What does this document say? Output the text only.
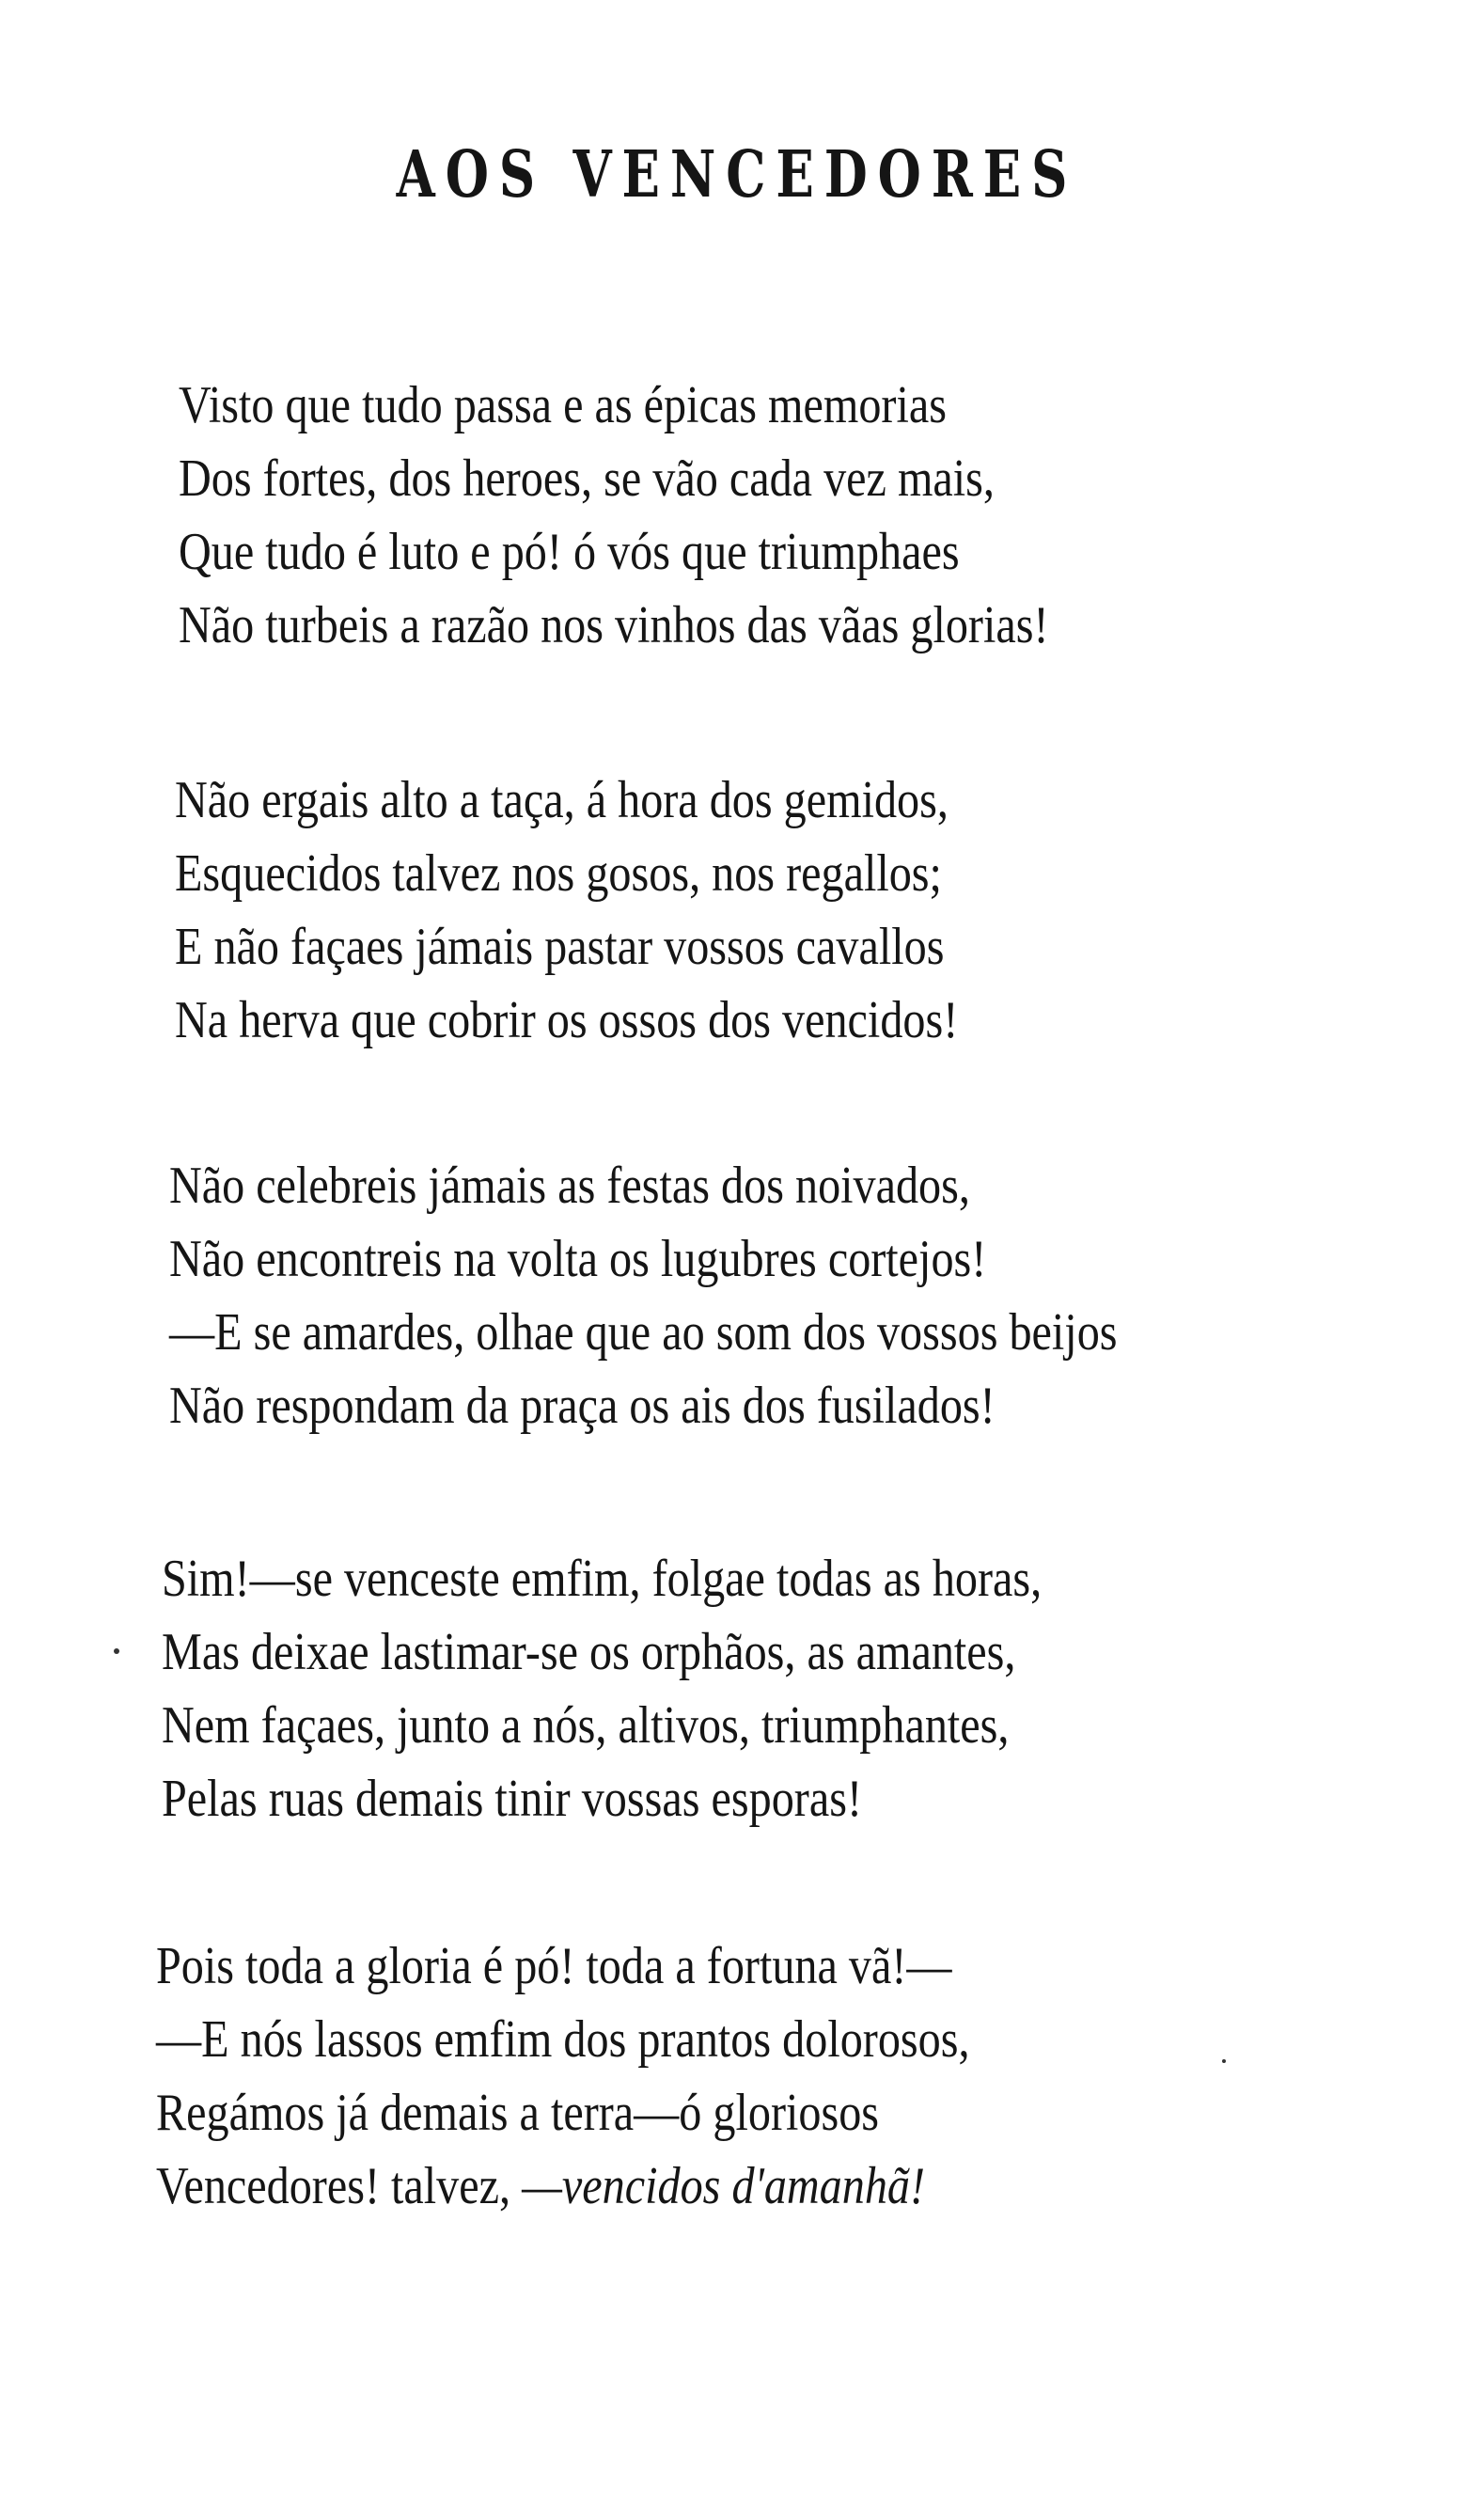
AOS VENCEDORES
Visto que tudo passa e as épicas memorias
Dos fortes, dos heroes, se vão cada vez mais,
Que tudo é luto e pó! ó vós que triumphaes
Não turbeis a razão nos vinhos das vãas glorias!
Não ergais alto a taça, á hora dos gemidos,
Esquecidos talvez nos gosos, nos regallos;
E não façaes jámais pastar vossos cavallos
Na herva que cobrir os ossos dos vencidos!
Não celebreis jámais as festas dos noivados,
Não encontreis na volta os lugubres cortejos!
—E se amardes, olhae que ao som dos vossos beijos
Não respondam da praça os ais dos fusilados!
Sim!—se venceste emfim, folgae todas as horas,
Mas deixae lastimar-se os orphãos, as amantes,
Nem façaes, junto a nós, altivos, triumphantes,
Pelas ruas demais tinir vossas esporas!
Pois toda a gloria é pó! toda a fortuna vã!—
—E nós lassos emfim dos prantos dolorosos,
Regámos já demais a terra—ó gloriosos
Vencedores! talvez, —vencidos d'amanhã!
